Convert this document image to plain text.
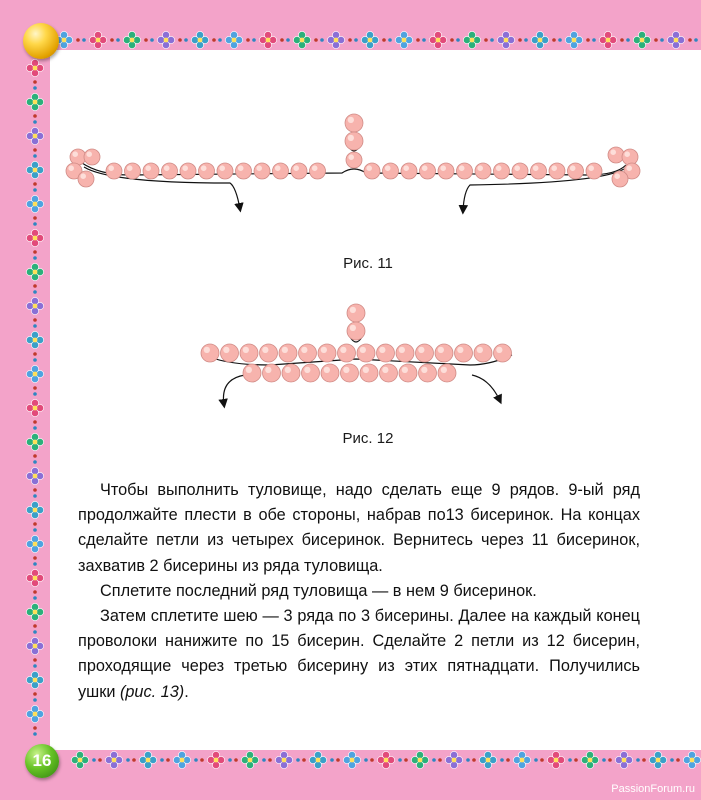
Рис. 11
Рис. 12

Чтобы выполнить туловище, надо сделать еще 9 рядов. 9-ый ряд продолжайте плести в обе стороны, набрав по13 бисеринок. На концах сделайте петли из четырех бисеринок. Вернитесь через 11 бисеринок, захватив 2 бисерины из ряда туловища.

Сплетите последний ряд туловища — в нем 9 бисеринок.

Затем сплетите шею — 3 ряда по 3 бисерины. Далее на каждый конец проволоки нанижите по 15 бисерин. Сделайте 2 петли из 12 бисерин, проходящие через третью бисерину из этих пятнадцати. Получились ушки (рис. 13).

16
PassionForum.ru
